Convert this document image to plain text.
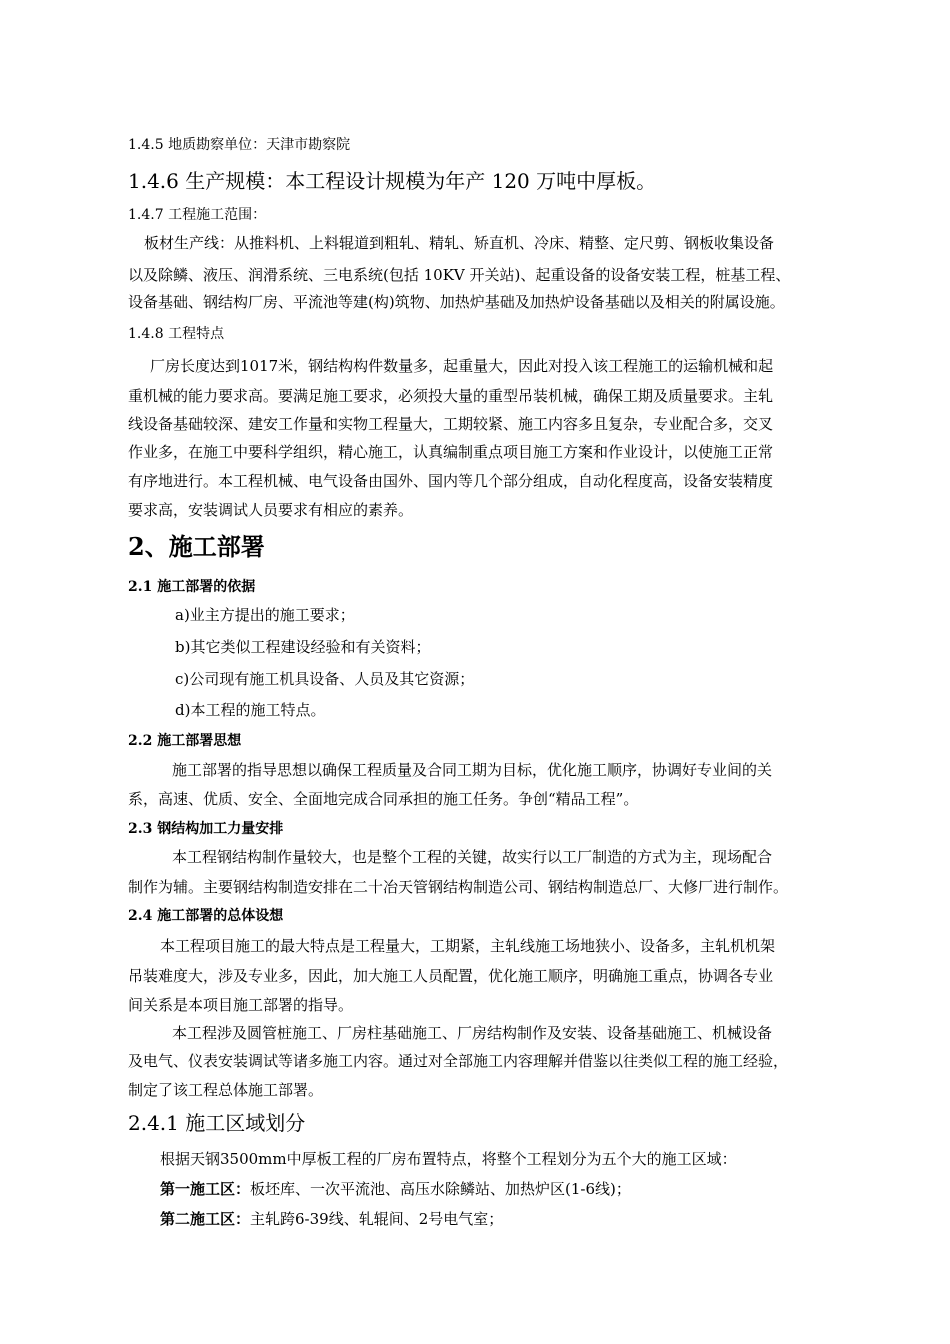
1.4.5 地质勘察单位：天津市勘察院
1.4.6 生产规模：本工程设计规模为年产 120 万吨中厚板。
1.4.7 工程施工范围：
板材生产线：从推料机、上料辊道到粗轧、精轧、矫直机、冷床、精整、定尺剪、钢板收集设备
以及除鳞、液压、润滑系统、三电系统(包括 10KV 开关站)、起重设备的设备安装工程，桩基工程、
设备基础、钢结构厂房、平流池等建(构)筑物、加热炉基础及加热炉设备基础以及相关的附属设施。
1.4.8 工程特点
厂房长度达到1017米，钢结构构件数量多，起重量大，因此对投入该工程施工的运输机械和起
重机械的能力要求高。要满足施工要求，必须投大量的重型吊装机械，确保工期及质量要求。主轧
线设备基础较深、建安工作量和实物工程量大，工期较紧、施工内容多且复杂，专业配合多，交叉
作业多，在施工中要科学组织，精心施工，认真编制重点项目施工方案和作业设计，以使施工正常
有序地进行。本工程机械、电气设备由国外、国内等几个部分组成，自动化程度高，设备安装精度
要求高，安装调试人员要求有相应的素养。
2、施工部署
2.1 施工部署的依据
a)业主方提出的施工要求；
b)其它类似工程建设经验和有关资料；
c)公司现有施工机具设备、人员及其它资源；
d)本工程的施工特点。
2.2 施工部署思想
施工部署的指导思想以确保工程质量及合同工期为目标，优化施工顺序，协调好专业间的关
系，高速、优质、安全、全面地完成合同承担的施工任务。争创“精品工程”。
2.3 钢结构加工力量安排
本工程钢结构制作量较大，也是整个工程的关键，故实行以工厂制造的方式为主，现场配合
制作为辅。主要钢结构制造安排在二十冶天管钢结构制造公司、钢结构制造总厂、大修厂进行制作。
2.4 施工部署的总体设想
本工程项目施工的最大特点是工程量大，工期紧，主轧线施工场地狭小、设备多，主轧机机架
吊装难度大，涉及专业多，因此，加大施工人员配置，优化施工顺序，明确施工重点，协调各专业
间关系是本项目施工部署的指导。
本工程涉及圆管桩施工、厂房柱基础施工、厂房结构制作及安装、设备基础施工、机械设备
及电气、仪表安装调试等诸多施工内容。通过对全部施工内容理解并借鉴以往类似工程的施工经验，
制定了该工程总体施工部署。
2.4.1 施工区域划分
根据天钢3500mm中厚板工程的厂房布置特点，将整个工程划分为五个大的施工区域：
第一施工区：板坯库、一次平流池、高压水除鳞站、加热炉区(1-6线)；
第二施工区：主轧跨6-39线、轧辊间、2号电气室；
